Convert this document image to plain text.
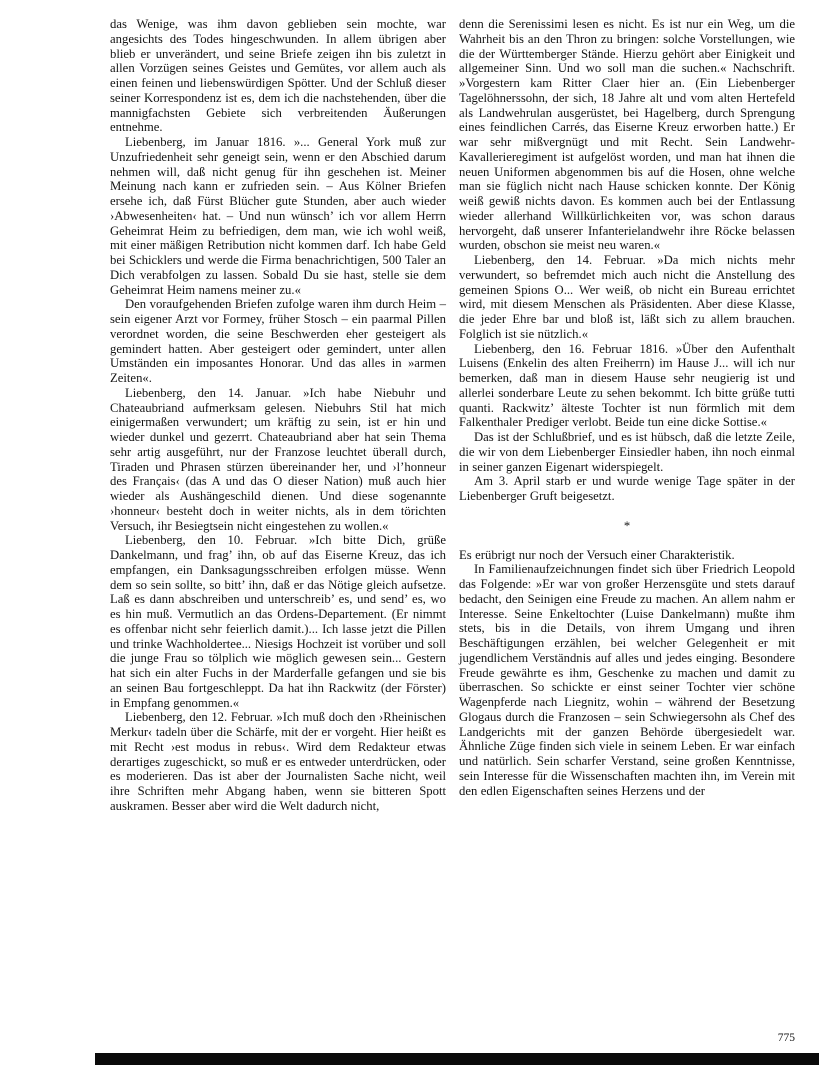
das Wenige, was ihm davon geblieben sein mochte, war angesichts des Todes hingeschwunden. In allem übrigen aber blieb er unverändert, und seine Briefe zeigen ihn bis zuletzt in allen Vorzügen seines Geistes und Gemütes, vor allem auch als einen feinen und liebenswürdigen Spötter. Und der Schluß dieser seiner Korrespondenz ist es, dem ich die nachstehenden, über die mannigfachsten Gebiete sich verbreitenden Äußerungen entnehme.

Liebenberg, im Januar 1816. »... General York muß zur Unzufriedenheit sehr geneigt sein, wenn er den Abschied darum nehmen will, daß nicht genug für ihn geschehen ist. Meiner Meinung nach kann er zufrieden sein. – Aus Kölner Briefen ersehe ich, daß Fürst Blücher gute Stunden, aber auch wieder ›Abwesenheiten‹ hat. – Und nun wünsch’ ich vor allem Herrn Geheimrat Heim zu befriedigen, dem man, wie ich wohl weiß, mit einer mäßigen Retribution nicht kommen darf. Ich habe Geld bei Schicklers und werde die Firma benachrichtigen, 500 Taler an Dich verabfolgen zu lassen. Sobald Du sie hast, stelle sie dem Geheimrat Heim namens meiner zu.«

Den voraufgehenden Briefen zufolge waren ihm durch Heim – sein eigener Arzt vor Formey, früher Stosch – ein paarmal Pillen verordnet worden, die seine Beschwerden eher gesteigert als gemindert hatten. Aber gesteigert oder gemindert, unter allen Umständen ein imposantes Honorar. Und das alles in »armen Zeiten«.

Liebenberg, den 14. Januar. »Ich habe Niebuhr und Chateaubriand aufmerksam gelesen. Niebuhrs Stil hat mich einigermaßen verwundert; um kräftig zu sein, ist er hin und wieder dunkel und gezerrt. Chateaubriand aber hat sein Thema sehr artig ausgeführt, nur der Franzose leuchtet überall durch, Tiraden und Phrasen stürzen übereinander her, und ›l’honneur des Français‹ (das A und das O dieser Nation) muß auch hier wieder als Aushängeschild dienen. Und diese sogenannte ›honneur‹ besteht doch in weiter nichts, als in dem törichten Versuch, ihr Besiegtsein nicht eingestehen zu wollen.«

Liebenberg, den 10. Februar. »Ich bitte Dich, grüße Dankelmann, und frag’ ihn, ob auf das Eiserne Kreuz, das ich empfangen, ein Danksagungsschreiben erfolgen müsse. Wenn dem so sein sollte, so bitt’ ihn, daß er das Nötige gleich aufsetze. Laß es dann abschreiben und unterschreib’ es, und send’ es, wo es hin muß. Vermutlich an das Ordens-Departement. (Er nimmt es offenbar nicht sehr feierlich damit.)... Ich lasse jetzt die Pillen und trinke Wachholdertee... Niesigs Hochzeit ist vorüber und soll die junge Frau so tölplich wie möglich gewesen sein... Gestern hat sich ein alter Fuchs in der Marderfalle gefangen und sie bis an seinen Bau fortgeschleppt. Da hat ihn Rackwitz (der Förster) in Empfang genommen.«

Liebenberg, den 12. Februar. »Ich muß doch den ›Rheinischen Merkur‹ tadeln über die Schärfe, mit der er vorgeht. Hier heißt es mit Recht ›est modus in rebus‹. Wird dem Redakteur etwas derartiges zugeschickt, so muß er es entweder unterdrücken, oder es moderieren. Das ist aber der Journalisten Sache nicht, weil ihre Schriften mehr Abgang haben, wenn sie bitteren Spott auskramen. Besser aber wird die Welt dadurch nicht,

denn die Serenissimi lesen es nicht. Es ist nur ein Weg, um die Wahrheit bis an den Thron zu bringen: solche Vorstellungen, wie die der Württemberger Stände. Hierzu gehört aber Einigkeit und allgemeiner Sinn. Und wo soll man die suchen.« Nachschrift. »Vorgestern kam Ritter Claer hier an. (Ein Liebenberger Tagelöhnerssohn, der sich, 18 Jahre alt und vom alten Hertefeld als Landwehrulan ausgerüstet, bei Hagelberg, durch Sprengung eines feindlichen Carrés, das Eiserne Kreuz erworben hatte.) Er war sehr mißvergnügt und mit Recht. Sein Landwehr-Kavallerieregiment ist aufgelöst worden, und man hat ihnen die neuen Uniformen abgenommen bis auf die Hosen, ohne welche man sie füglich nicht nach Hause schicken konnte. Der König weiß gewiß nichts davon. Es kommen auch bei der Entlassung wieder allerhand Willkürlichkeiten vor, was schon daraus hervorgeht, daß unserer Infanterielandwehr ihre Röcke belassen wurden, obschon sie meist neu waren.«

Liebenberg, den 14. Februar. »Da mich nichts mehr verwundert, so befremdet mich auch nicht die Anstellung des gemeinen Spions O... Wer weiß, ob nicht ein Bureau errichtet wird, mit diesem Menschen als Präsidenten. Aber diese Klasse, die jeder Ehre bar und bloß ist, läßt sich zu allem brauchen. Folglich ist sie nützlich.«

Liebenberg, den 16. Februar 1816. »Über den Aufenthalt Luisens (Enkelin des alten Freiherrn) im Hause J... will ich nur bemerken, daß man in diesem Hause sehr neugierig ist und allerlei sonderbare Leute zu sehen bekommt. Ich bitte grüße tutti quanti. Rackwitz’ älteste Tochter ist nun förmlich mit dem Falkenthaler Prediger verlobt. Beide tun eine dicke Sottise.«

Das ist der Schlußbrief, und es ist hübsch, daß die letzte Zeile, die wir von dem Liebenberger Einsiedler haben, ihn noch einmal in seiner ganzen Eigenart widerspiegelt.

Am 3. April starb er und wurde wenige Tage später in der Liebenberger Gruft beigesetzt.

*

Es erübrigt nur noch der Versuch einer Charakteristik.

In Familienaufzeichnungen findet sich über Friedrich Leopold das Folgende: »Er war von großer Herzensgüte und stets darauf bedacht, den Seinigen eine Freude zu machen. An allem nahm er Interesse. Seine Enkeltochter (Luise Dankelmann) mußte ihm stets, bis in die Details, von ihrem Umgang und ihren Beschäftigungen erzählen, bei welcher Gelegenheit er mit jugendlichem Verständnis auf alles und jedes einging. Besondere Freude gewährte es ihm, Geschenke zu machen und damit zu überraschen. So schickte er einst seiner Tochter vier schöne Wagenpferde nach Liegnitz, wohin – während der Besetzung Glogaus durch die Franzosen – sein Schwiegersohn als Chef des Landgerichts mit der ganzen Behörde übergesiedelt war. Ähnliche Züge finden sich viele in seinem Leben. Er war einfach und natürlich. Sein scharfer Verstand, seine großen Kenntnisse, sein Interesse für die Wissenschaften machten ihn, im Verein mit den edlen Eigenschaften seines Herzens und der

775
